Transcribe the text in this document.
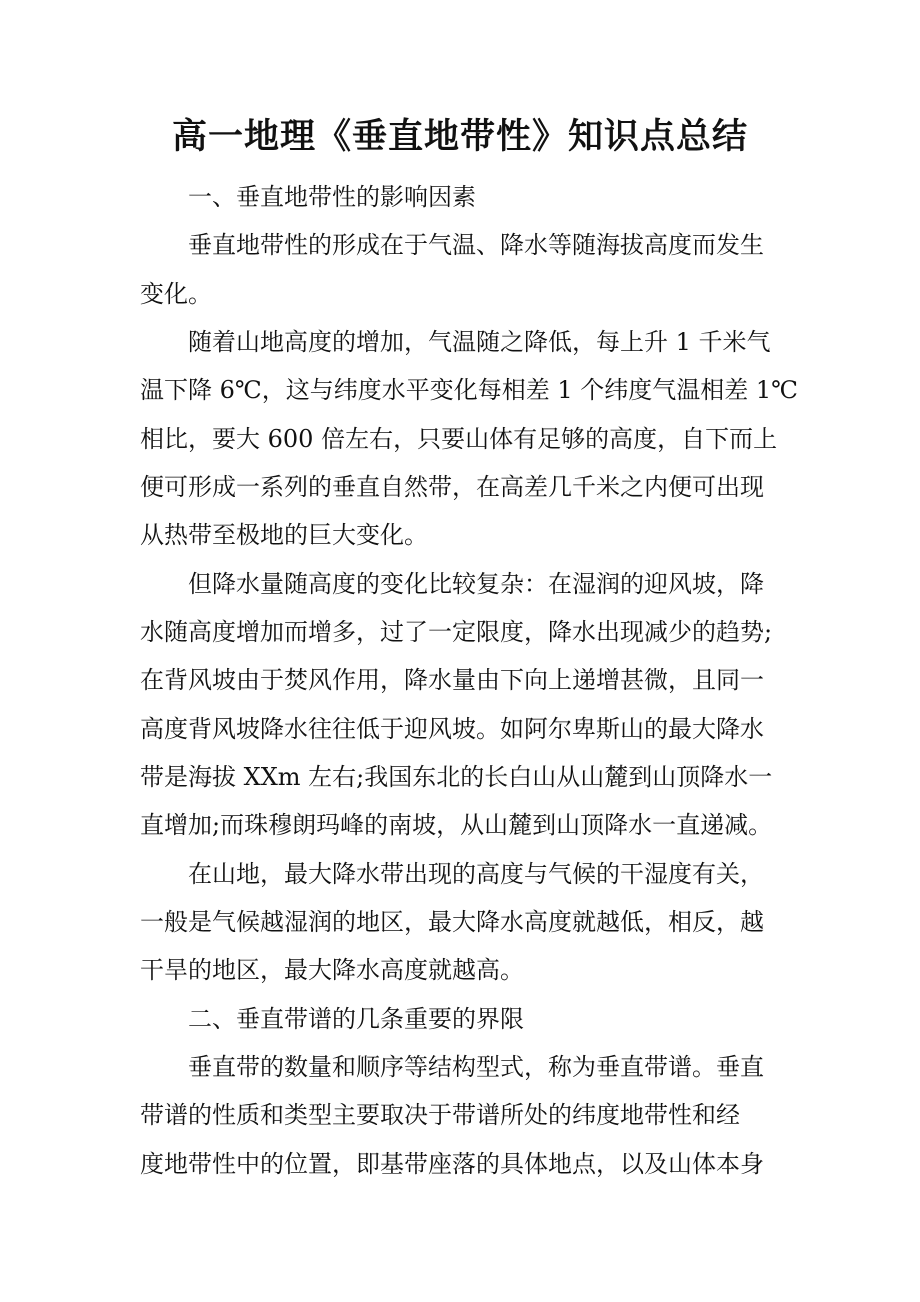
高一地理《垂直地带性》知识点总结
一、垂直地带性的影响因素
垂直地带性的形成在于气温、降水等随海拔高度而发生
变化。
随着山地高度的增加，气温随之降低，每上升 1 千米气
温下降 6℃，这与纬度水平变化每相差 1 个纬度气温相差 1℃
相比，要大 600 倍左右，只要山体有足够的高度，自下而上
便可形成一系列的垂直自然带，在高差几千米之内便可出现
从热带至极地的巨大变化。
但降水量随高度的变化比较复杂：在湿润的迎风坡，降
水随高度增加而增多，过了一定限度，降水出现减少的趋势;
在背风坡由于焚风作用，降水量由下向上递增甚微，且同一
高度背风坡降水往往低于迎风坡。如阿尔卑斯山的最大降水
带是海拔 XXm 左右;我国东北的长白山从山麓到山顶降水一
直增加;而珠穆朗玛峰的南坡，从山麓到山顶降水一直递减。
在山地，最大降水带出现的高度与气候的干湿度有关，
一般是气候越湿润的地区，最大降水高度就越低，相反，越
干旱的地区，最大降水高度就越高。
二、垂直带谱的几条重要的界限
垂直带的数量和顺序等结构型式，称为垂直带谱。垂直
带谱的性质和类型主要取决于带谱所处的纬度地带性和经
度地带性中的位置，即基带座落的具体地点，以及山体本身
